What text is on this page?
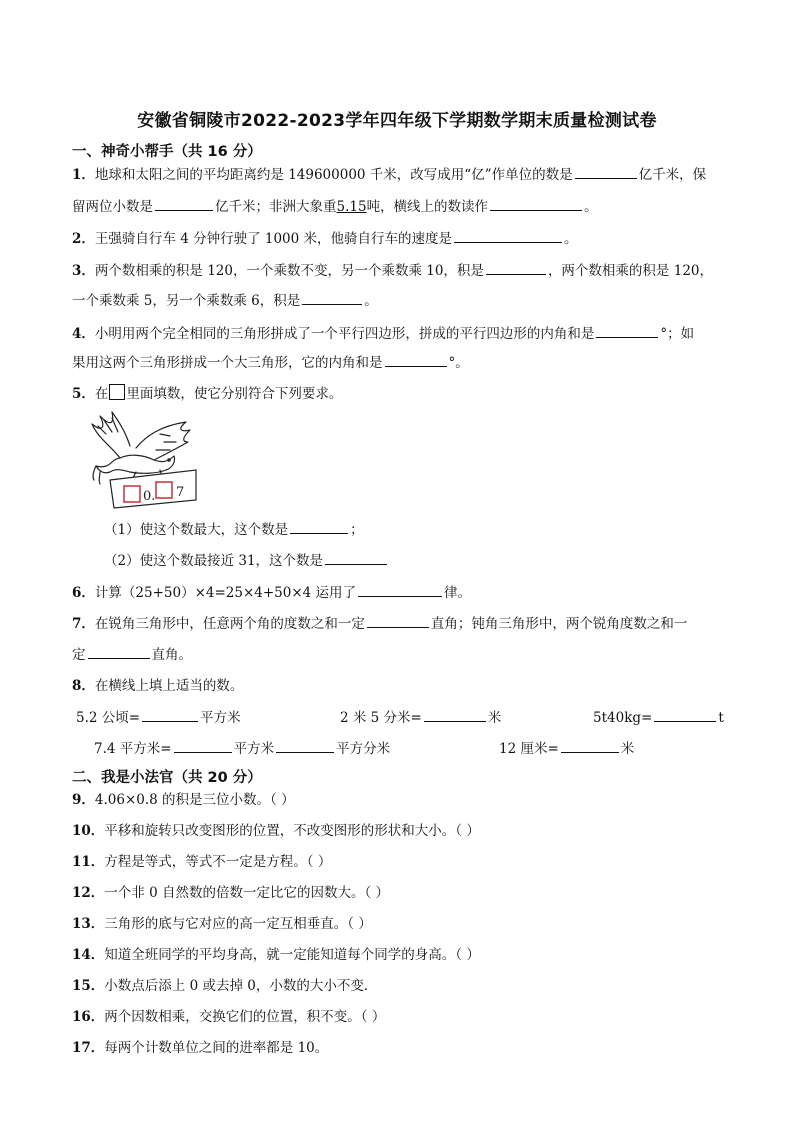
安徽省铜陵市2022-2023学年四年级下学期数学期末质量检测试卷
一、神奇小帮手（共 16 分）
1．地球和太阳之间的平均距离约是 149600000 千米，改写成用“亿”作单位的数是	亿千米，保
留两位小数是	亿千米；非洲大象重5.15吨，横线上的数读作	。
2．王强骑自行车 4 分钟行驶了 1000 米，他骑自行车的速度是	。
3．两个数相乘的积是 120，一个乘数不变，另一个乘数乘 10，积是	，两个数相乘的积是 120，
一个乘数乘 5，另一个乘数乘 6，积是	。
4．小明用两个完全相同的三角形拼成了一个平行四边形，拼成的平行四边形的内角和是	°；如
果用这两个三角形拼成一个大三角形，它的内角和是	°。
5．在 里面填数，使它分别符合下列要求。
0. 7
（1）使这个数最大，这个数是	；
（2）使这个数最接近 31，这个数是
6．计算（25+50）×4=25×4+50×4 运用了	律。
7．在锐角三角形中，任意两个角的度数之和一定	直角；钝角三角形中，两个锐角度数之和一
定	直角。
8．在横线上填上适当的数。
5.2 公顷=	平方米	2 米 5 分米=	米	5t40kg=	t
7.4 平方米=	平方米	平方分米	12 厘米=	米
二、我是小法官（共 20 分）
9．4.06×0.8 的积是三位小数。（ ）
10．平移和旋转只改变图形的位置，不改变图形的形状和大小。（ ）
11．方程是等式，等式不一定是方程。（ ）
12．一个非 0 自然数的倍数一定比它的因数大。（ ）
13．三角形的底与它对应的高一定互相垂直。（ ）
14．知道全班同学的平均身高，就一定能知道每个同学的身高。（ ）
15．小数点后添上 0 或去掉 0，小数的大小不变．
16．两个因数相乘，交换它们的位置，积不变。（ ）
17．每两个计数单位之间的进率都是 10。
